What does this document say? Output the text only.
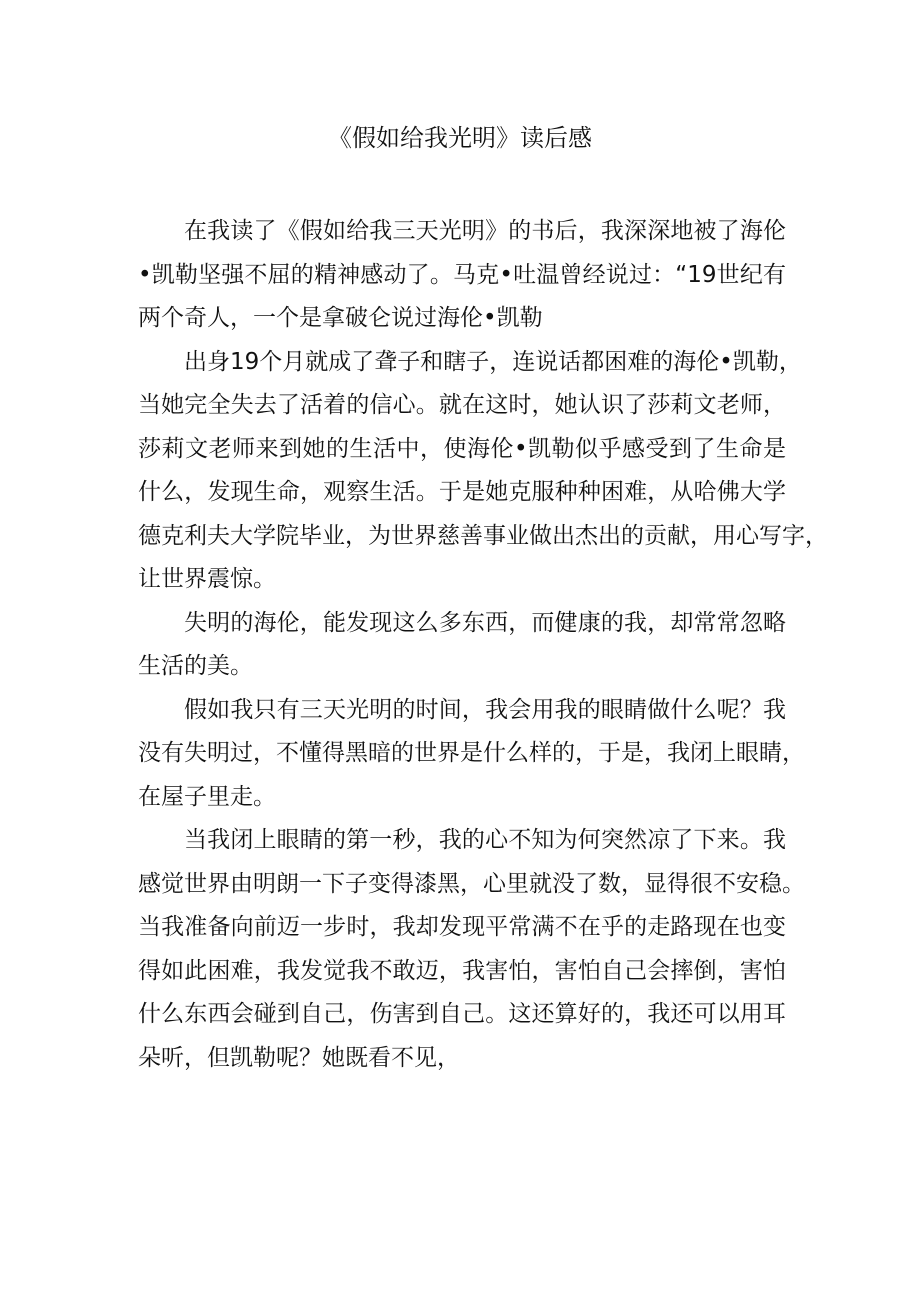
《假如给我光明》读后感

在我读了《假如给我三天光明》的书后，我深深地被了海伦
•凯勒坚强不屈的精神感动了。马克•吐温曾经说过：“19世纪有
两个奇人，一个是拿破仑说过海伦•凯勒

出身19个月就成了聋子和瞎子，连说话都困难的海伦•凯勒，
当她完全失去了活着的信心。就在这时，她认识了莎莉文老师，
莎莉文老师来到她的生活中，使海伦•凯勒似乎感受到了生命是
什么，发现生命，观察生活。于是她克服种种困难，从哈佛大学
德克利夫大学院毕业，为世界慈善事业做出杰出的贡献，用心写字，
让世界震惊。

失明的海伦，能发现这么多东西，而健康的我，却常常忽略
生活的美。

假如我只有三天光明的时间，我会用我的眼睛做什么呢？我
没有失明过，不懂得黑暗的世界是什么样的，于是，我闭上眼睛，
在屋子里走。

当我闭上眼睛的第一秒，我的心不知为何突然凉了下来。我
感觉世界由明朗一下子变得漆黑，心里就没了数，显得很不安稳。
当我准备向前迈一步时，我却发现平常满不在乎的走路现在也变
得如此困难，我发觉我不敢迈，我害怕，害怕自己会摔倒，害怕
什么东西会碰到自己，伤害到自己。这还算好的，我还可以用耳
朵听，但凯勒呢？她既看不见，
